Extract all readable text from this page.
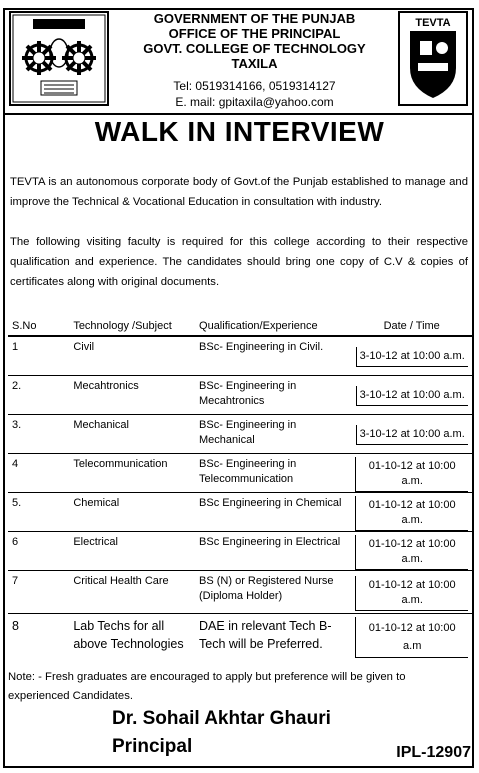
GOVERNMENT OF THE PUNJAB
OFFICE OF THE PRINCIPAL
GOVT. COLLEGE OF TECHNOLOGY
TAXILA
Tel: 0519314166, 0519314127
E. mail: gpitaxila@yahoo.com
TEVTA
WALK IN INTERVIEW
TEVTA is an autonomous corporate body of Govt.of the Punjab established to manage and improve the Technical & Vocational Education in consultation with industry.
The following visiting faculty is required for this college according to their respective qualification and experience. The candidates should bring one copy of C.V & copies of certificates along with original documents.
S.No	Technology /Subject	Qualification/Experience	Date / Time
1	Civil	BSc- Engineering in Civil.	3-10-12 at 10:00 a.m.
2.	Mecahtronics	BSc- Engineering in Mecahtronics	3-10-12 at 10:00 a.m.
3.	Mechanical	BSc- Engineering in Mechanical	3-10-12 at 10:00 a.m.
4	Telecommunication	BSc- Engineering in Telecommunication	01-10-12 at 10:00 a.m.
5.	Chemical	BSc Engineering in Chemical	01-10-12 at 10:00 a.m.
6	Electrical	BSc Engineering in Electrical	01-10-12 at 10:00 a.m.
7	Critical Health Care	BS (N) or Registered Nurse (Diploma Holder)	01-10-12 at 10:00 a.m.
8	Lab Techs for all above Technologies	DAE in relevant Tech B-Tech will be Preferred.	01-10-12 at 10:00 a.m
Note: - Fresh graduates are encouraged to apply but preference will be given to experienced Candidates.
Dr. Sohail Akhtar Ghauri
Principal	IPL-12907
